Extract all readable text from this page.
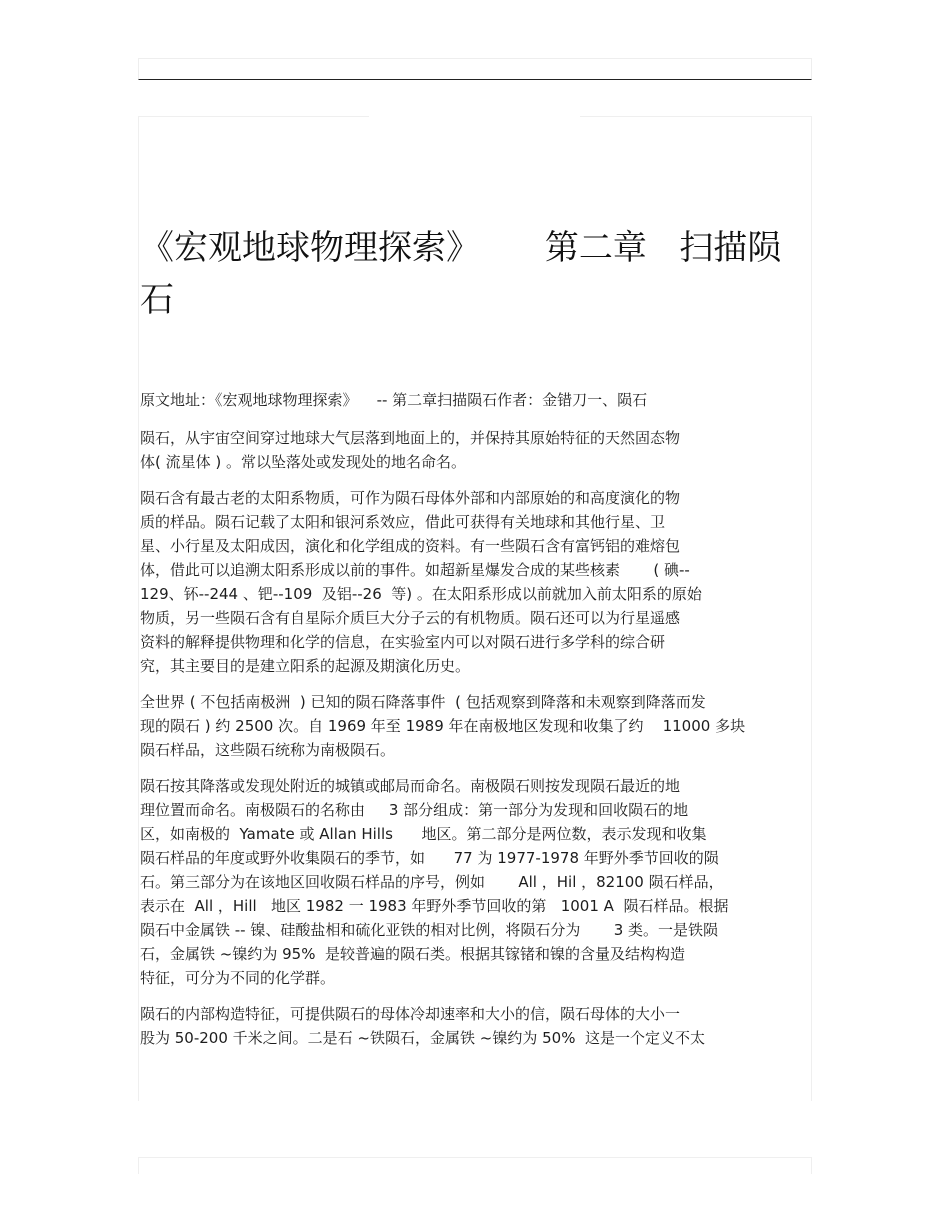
《宏观地球物理探索》      第二章   扫描陨
石

原文地址：《宏观地球物理探索》    -- 第二章扫描陨石作者：金错刀一、陨石

陨石，从宇宙空间穿过地球大气层落到地面上的，并保持其原始特征的天然固态物
体( 流星体 ) 。常以坠落处或发现处的地名命名。

陨石含有最古老的太阳系物质，可作为陨石母体外部和内部原始的和高度演化的物
质的样品。陨石记载了太阳和银河系效应，借此可获得有关地球和其他行星、卫
星、小行星及太阳成因，演化和化学组成的资料。有一些陨石含有富钙铝的难熔包
体，借此可以追溯太阳系形成以前的事件。如超新星爆发合成的某些核素       ( 碘--
129、钚--244 、钯--109  及铝--26  等) 。在太阳系形成以前就加入前太阳系的原始
物质，另一些陨石含有自星际介质巨大分子云的有机物质。陨石还可以为行星遥感
资料的解释提供物理和化学的信息，在实验室内可以对陨石进行多学科的综合研
究，其主要目的是建立阳系的起源及期演化历史。

全世界 ( 不包括南极洲  ) 已知的陨石降落事件  ( 包括观察到降落和未观察到降落而发
现的陨石 ) 约 2500 次。自 1969 年至 1989 年在南极地区发现和收集了约    11000 多块
陨石样品，这些陨石统称为南极陨石。

陨石按其降落或发现处附近的城镇或邮局而命名。南极陨石则按发现陨石最近的地
理位置而命名。南极陨石的名称由     3 部分组成：第一部分为发现和回收陨石的地
区，如南极的  Yamate 或 Allan Hills      地区。第二部分是两位数，表示发现和收集
陨石样品的年度或野外收集陨石的季节，如      77 为 1977-1978 年野外季节回收的陨
石。第三部分为在该地区回收陨石样品的序号，例如       All ，Hil ，82100 陨石样品，
表示在  All ，Hill   地区 1982 一 1983 年野外季节回收的第   1001 A  陨石样品。根据
陨石中金属铁 -- 镍、硅酸盐相和硫化亚铁的相对比例，将陨石分为       3 类。一是铁陨
石，金属铁 ~镍约为 95%  是较普遍的陨石类。根据其镓锗和镍的含量及结构构造
特征，可分为不同的化学群。

陨石的内部构造特征，可提供陨石的母体冷却速率和大小的信，陨石母体的大小一
股为 50-200 千米之间。二是石 ~铁陨石，金属铁 ~镍约为 50%  这是一个定义不太
